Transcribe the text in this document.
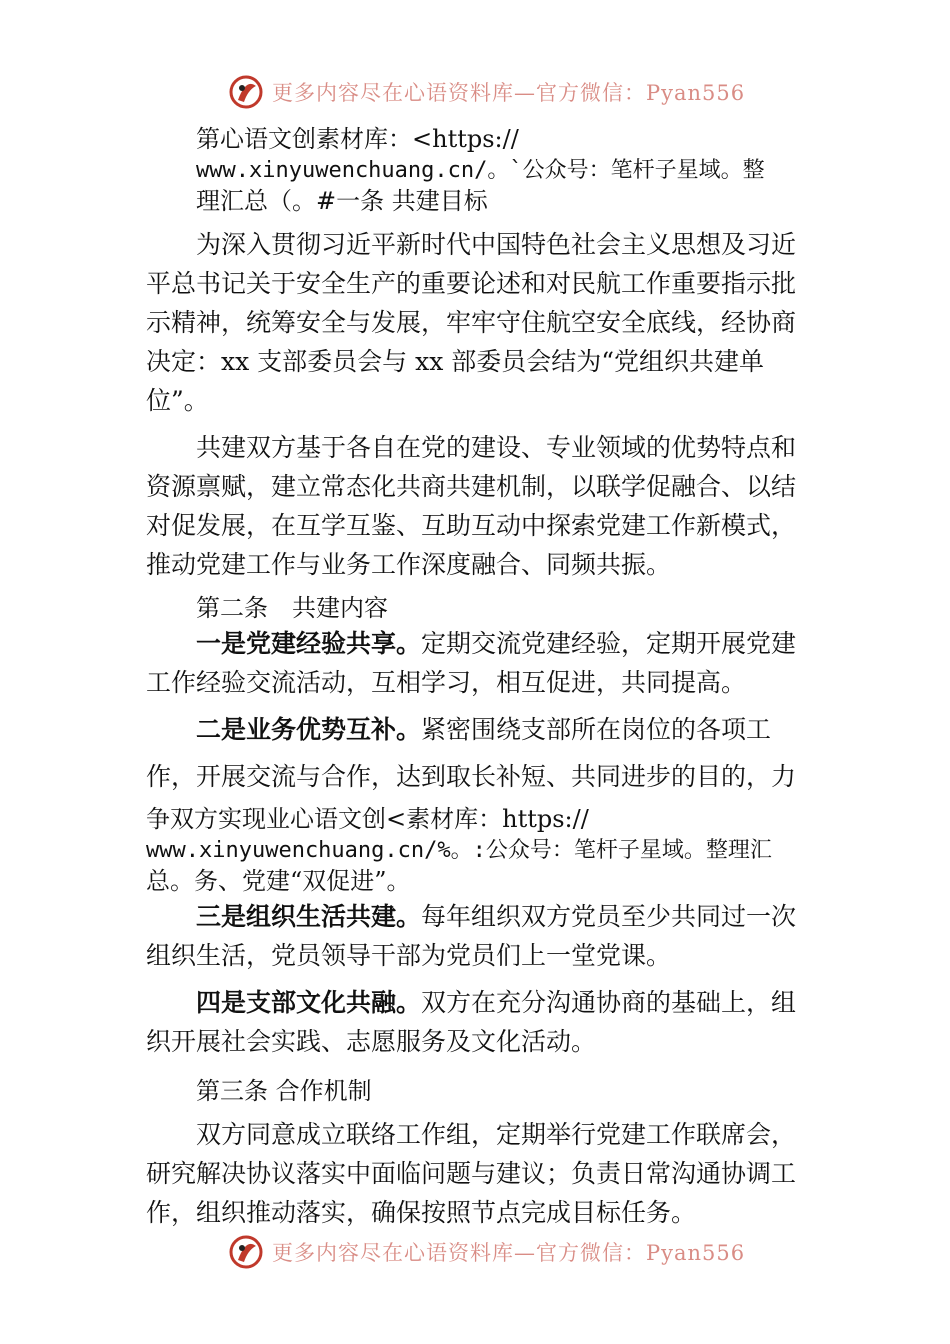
更多内容尽在心语资料库—官方微信：Pyan556
第心语文创素材库：<https://
www.xinyuwenchuang.cn/。`公众号：笔杆子星域。整
理汇总（。#一条 共建目标

为深入贯彻习近平新时代中国特色社会主义思想及习近平总书记关于安全生产的重要论述和对民航工作重要指示批示精神，统筹安全与发展，牢牢守住航空安全底线，经协商决定：xx 支部委员会与 xx 部委员会结为“党组织共建单位”。

共建双方基于各自在党的建设、专业领域的优势特点和资源禀赋，建立常态化共商共建机制，以联学促融合、以结对促发展，在互学互鉴、互助互动中探索党建工作新模式， 推动党建工作与业务工作深度融合、同频共振。

第二条　共建内容

一是党建经验共享。定期交流党建经验，定期开展党建工作经验交流活动，互相学习，相互促进，共同提高。

二是业务优势互补。紧密围绕支部所在岗位的各项工

作，开展交流与合作，达到取长补短、共同进步的目的，力

争双方实现业心语文创<素材库：https://
www.xinyuwenchuang.cn/%。:公众号：笔杆子星域。整理汇
总。务、党建“双促进”。

三是组织生活共建。每年组织双方党员至少共同过一次组织生活，党员领导干部为党员们上一堂党课。

四是支部文化共融。双方在充分沟通协商的基础上，组织开展社会实践、志愿服务及文化活动。

第三条 合作机制

双方同意成立联络工作组，定期举行党建工作联席会，研究解决协议落实中面临问题与建议；负责日常沟通协调工作，组织推动落实，确保按照节点完成目标任务。

更多内容尽在心语资料库—官方微信：Pyan556
